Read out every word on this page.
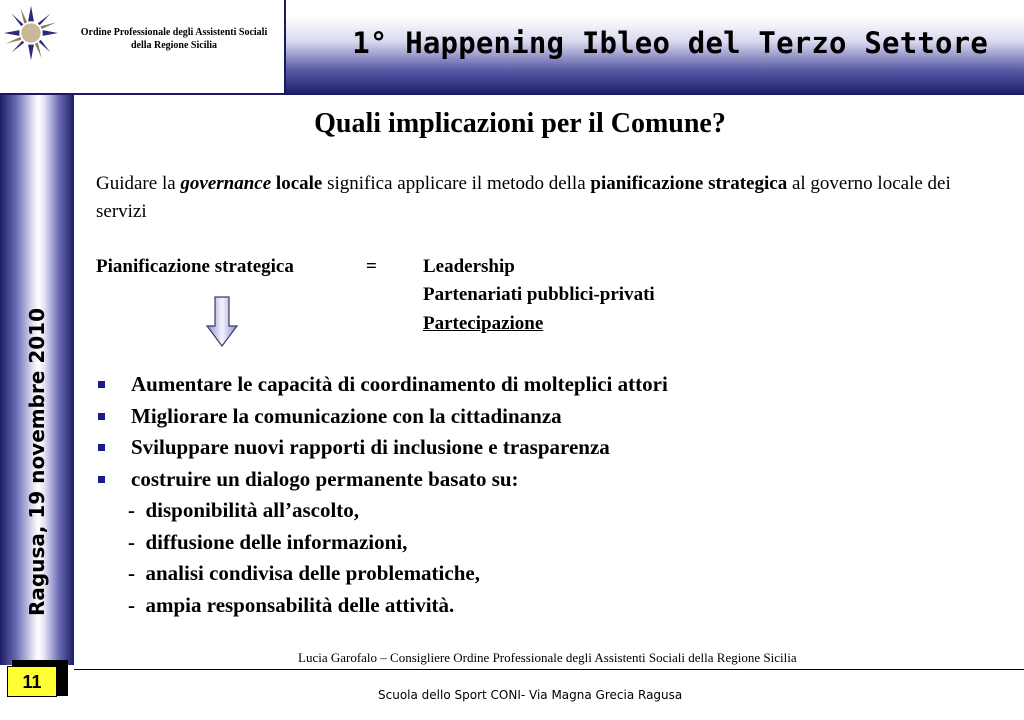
Ordine Professionale degli Assistenti Sociali
della Regione Sicilia	1° Happening Ibleo del Terzo Settore
Ragusa, 19 novembre 2010
11
Quali implicazioni per il Comune?
Guidare la governance locale significa applicare il metodo della pianificazione strategica al governo locale dei servizi
Pianificazione strategica	= Leadership
Partenariati pubblici-privati
Partecipazione
Aumentare le capacità di coordinamento di molteplici attori
Migliorare la comunicazione con la cittadinanza
Sviluppare nuovi rapporti di inclusione e trasparenza
costruire un dialogo permanente basato su:
-  disponibilità all’ascolto,
-  diffusione delle informazioni,
-  analisi condivisa delle problematiche,
-  ampia responsabilità delle attività.
Lucia Garofalo – Consigliere Ordine Professionale degli Assistenti Sociali della Regione Sicilia
Scuola dello Sport CONI- Via Magna Grecia Ragusa
